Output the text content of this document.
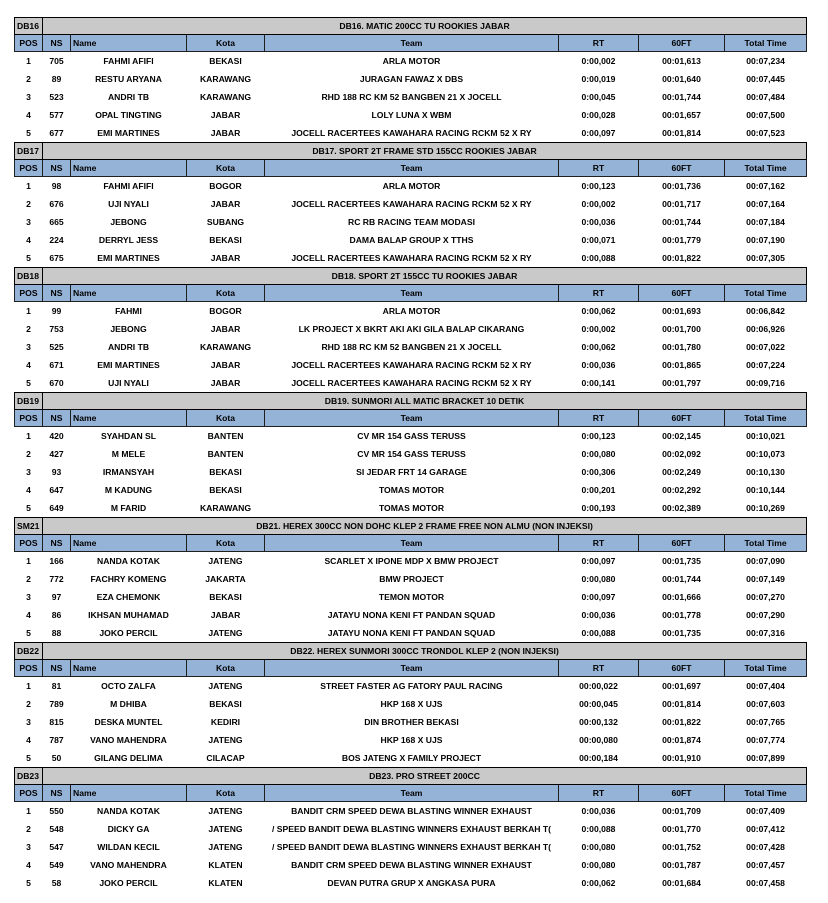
DB16	DB16. MATIC 200CC TU ROOKIES JABAR						
POS	NS	Name	Kota	Team	RT	60FT	Total Time
1	705	FAHMI AFIFI	BEKASI	ARLA MOTOR	0:00,002	00:01,613	00:07,234
2	89	RESTU ARYANA	KARAWANG	JURAGAN FAWAZ X DBS	0:00,019	00:01,640	00:07,445
3	523	ANDRI TB	KARAWANG	RHD 188 RC KM 52 BANGBEN 21 X JOCELL	0:00,045	00:01,744	00:07,484
4	577	OPAL TINGTING	JABAR	LOLY LUNA X WBM	0:00,028	00:01,657	00:07,500
5	677	EMI MARTINES	JABAR	JOCELL RACERTEES KAWAHARA RACING RCKM 52 X RY	0:00,097	00:01,814	00:07,523
DB17	DB17. SPORT 2T FRAME STD 155CC ROOKIES JABAR						
POS	NS	Name	Kota	Team	RT	60FT	Total Time
1	98	FAHMI AFIFI	BOGOR	ARLA MOTOR	0:00,123	00:01,736	00:07,162
2	676	UJI NYALI	JABAR	JOCELL RACERTEES KAWAHARA RACING RCKM 52 X RY	0:00,002	00:01,717	00:07,164
3	665	JEBONG	SUBANG	RC RB RACING TEAM MODASI	0:00,036	00:01,744	00:07,184
4	224	DERRYL JESS	BEKASI	DAMA BALAP GROUP X TTHS	0:00,071	00:01,779	00:07,190
5	675	EMI MARTINES	JABAR	JOCELL RACERTEES KAWAHARA RACING RCKM 52 X RY	0:00,088	00:01,822	00:07,305
DB18	DB18. SPORT 2T 155CC TU ROOKIES JABAR						
POS	NS	Name	Kota	Team	RT	60FT	Total Time
1	99	FAHMI	BOGOR	ARLA MOTOR	0:00,062	00:01,693	00:06,842
2	753	JEBONG	JABAR	LK PROJECT X BKRT AKI AKI GILA BALAP CIKARANG	0:00,002	00:01,700	00:06,926
3	525	ANDRI TB	KARAWANG	RHD 188 RC KM 52 BANGBEN 21 X JOCELL	0:00,062	00:01,780	00:07,022
4	671	EMI MARTINES	JABAR	JOCELL RACERTEES KAWAHARA RACING RCKM 52 X RY	0:00,036	00:01,865	00:07,224
5	670	UJI NYALI	JABAR	JOCELL RACERTEES KAWAHARA RACING RCKM 52 X RY	0:00,141	00:01,797	00:09,716
DB19	DB19. SUNMORI ALL MATIC BRACKET 10 DETIK						
POS	NS	Name	Kota	Team	RT	60FT	Total Time
1	420	SYAHDAN SL	BANTEN	CV MR 154 GASS TERUSS	0:00,123	00:02,145	00:10,021
2	427	M MELE	BANTEN	CV MR 154 GASS TERUSS	0:00,080	00:02,092	00:10,073
3	93	IRMANSYAH	BEKASI	SI JEDAR FRT 14 GARAGE	0:00,306	00:02,249	00:10,130
4	647	M KADUNG	BEKASI	TOMAS MOTOR	0:00,201	00:02,292	00:10,144
5	649	M FARID	KARAWANG	TOMAS MOTOR	0:00,193	00:02,389	00:10,269
SM21	DB21. HEREX 300CC NON DOHC KLEP 2 FRAME FREE NON ALMU (NON INJEKSI)						
POS	NS	Name	Kota	Team	RT	60FT	Total Time
1	166	NANDA KOTAK	JATENG	SCARLET X IPONE MDP X BMW PROJECT	0:00,097	00:01,735	00:07,090
2	772	FACHRY KOMENG	JAKARTA	BMW PROJECT	0:00,080	00:01,744	00:07,149
3	97	EZA CHEMONK	BEKASI	TEMON MOTOR	0:00,097	00:01,666	00:07,270
4	86	IKHSAN MUHAMAD	JABAR	JATAYU NONA KENI FT PANDAN SQUAD	0:00,036	00:01,778	00:07,290
5	88	JOKO PERCIL	JATENG	JATAYU NONA KENI FT PANDAN SQUAD	0:00,088	00:01,735	00:07,316
DB22	DB22. HEREX SUNMORI 300CC TRONDOL KLEP 2 (NON INJEKSI)						
POS	NS	Name	Kota	Team	RT	60FT	Total Time
1	81	OCTO ZALFA	JATENG	STREET FASTER AG FATORY PAUL RACING	00:00,022	00:01,697	00:07,404
2	789	M DHIBA	BEKASI	HKP 168 X UJS	00:00,045	00:01,814	00:07,603
3	815	DESKA MUNTEL	KEDIRI	DIN BROTHER BEKASI	00:00,132	00:01,822	00:07,765
4	787	VANO MAHENDRA	JATENG	HKP 168 X UJS	00:00,080	00:01,874	00:07,774
5	50	GILANG DELIMA	CILACAP	BOS JATENG X FAMILY PROJECT	00:00,184	00:01,910	00:07,899
DB23	DB23. PRO STREET 200CC						
POS	NS	Name	Kota	Team	RT	60FT	Total Time
1	550	NANDA KOTAK	JATENG	BANDIT CRM SPEED DEWA BLASTING WINNER EXHAUST	0:00,036	00:01,709	00:07,409
2	548	DICKY GA	JATENG	/ SPEED BANDIT DEWA BLASTING WINNERS EXHAUST BERKAH T(	0:00,088	00:01,770	00:07,412
3	547	WILDAN KECIL	JATENG	/ SPEED BANDIT DEWA BLASTING WINNERS EXHAUST BERKAH T(	0:00,080	00:01,752	00:07,428
4	549	VANO MAHENDRA	KLATEN	BANDIT CRM SPEED DEWA BLASTING WINNER EXHAUST	0:00,080	00:01,787	00:07,457
5	58	JOKO PERCIL	KLATEN	DEVAN PUTRA GRUP X ANGKASA PURA	0:00,062	00:01,684	00:07,458
